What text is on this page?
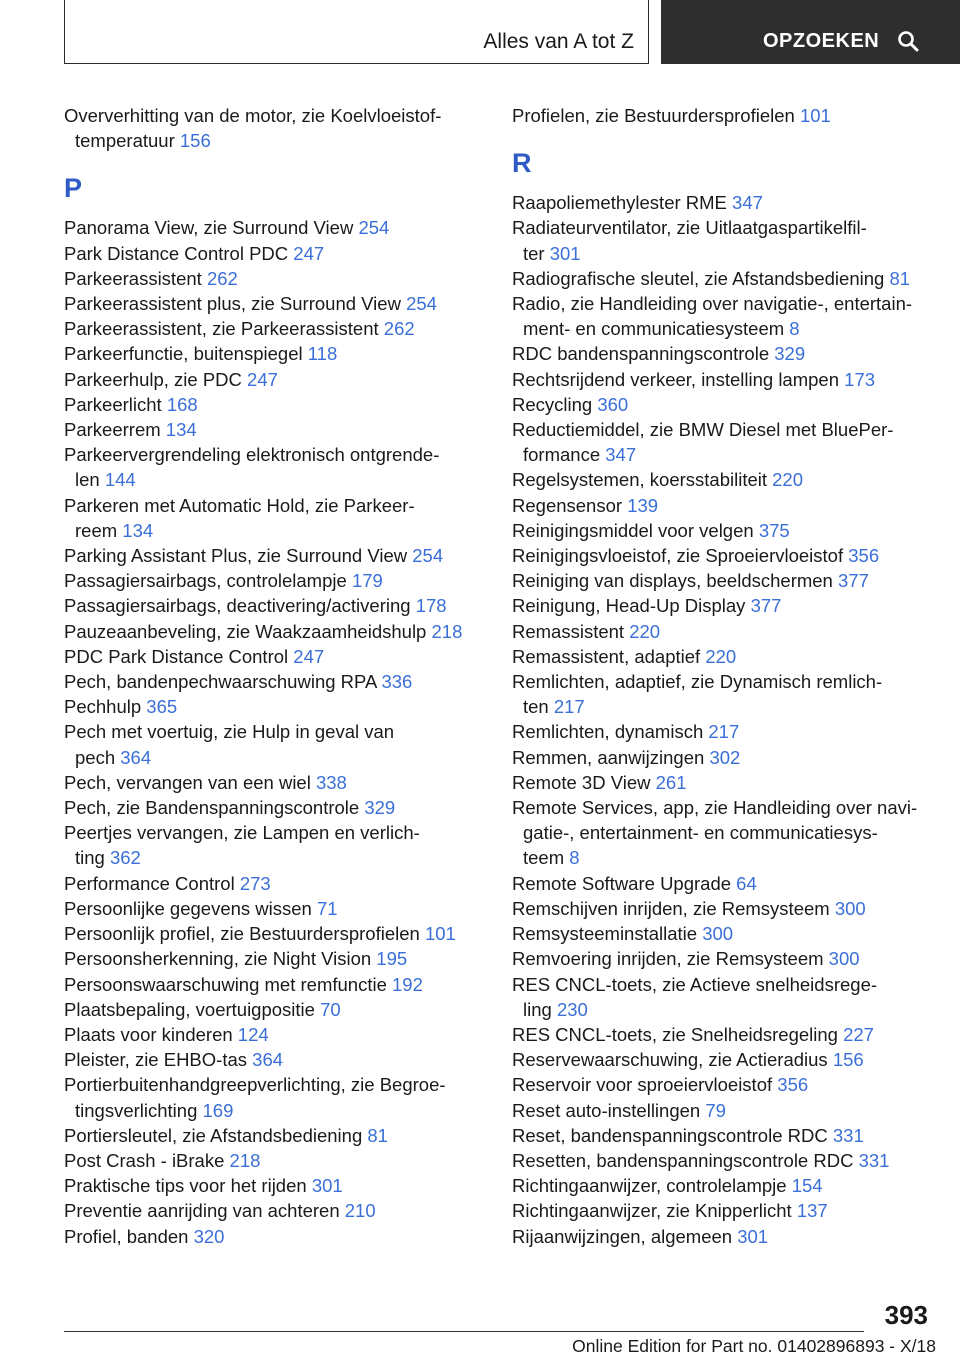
Alles van A tot Z	OPZOEKEN
Oververhitting van de motor, zie Koelvloeistof-
temperatuur 156
P
Panorama View, zie Surround View 254
Park Distance Control PDC 247
Parkeerassistent 262
Parkeerassistent plus, zie Surround View 254
Parkeerassistent, zie Parkeerassistent 262
Parkeerfunctie, buitenspiegel 118
Parkeerhulp, zie PDC 247
Parkeerlicht 168
Parkeerrem 134
Parkeervergrendeling elektronisch ontgrende-
len 144
Parkeren met Automatic Hold, zie Parkeer-
reem 134
Parking Assistant Plus, zie Surround View 254
Passagiersairbags, controlelampje 179
Passagiersairbags, deactivering/activering 178
Pauzeaanbeveling, zie Waakzaamheidshulp 218
PDC Park Distance Control 247
Pech, bandenpechwaarschuwing RPA 336
Pechhulp 365
Pech met voertuig, zie Hulp in geval van
pech 364
Pech, vervangen van een wiel 338
Pech, zie Bandenspanningscontrole 329
Peertjes vervangen, zie Lampen en verlich-
ting 362
Performance Control 273
Persoonlijke gegevens wissen 71
Persoonlijk profiel, zie Bestuurdersprofielen 101
Persoonsherkenning, zie Night Vision 195
Persoonswaarschuwing met remfunctie 192
Plaatsbepaling, voertuigpositie 70
Plaats voor kinderen 124
Pleister, zie EHBO-tas 364
Portierbuitenhandgreepverlichting, zie Begroe-
tingsverlichting 169
Portiersleutel, zie Afstandsbediening 81
Post Crash - iBrake 218
Praktische tips voor het rijden 301
Preventie aanrijding van achteren 210
Profiel, banden 320
Profielen, zie Bestuurdersprofielen 101
R
Raapoliemethylester RME 347
Radiateurventilator, zie Uitlaatgaspartikelfil-
ter 301
Radiografische sleutel, zie Afstandsbediening 81
Radio, zie Handleiding over navigatie-, entertain-
ment- en communicatiesysteem 8
RDC bandenspanningscontrole 329
Rechtsrijdend verkeer, instelling lampen 173
Recycling 360
Reductiemiddel, zie BMW Diesel met BluePer-
formance 347
Regelsystemen, koersstabiliteit 220
Regensensor 139
Reinigingsmiddel voor velgen 375
Reinigingsvloeistof, zie Sproeiervloeistof 356
Reiniging van displays, beeldschermen 377
Reinigung, Head-Up Display 377
Remassistent 220
Remassistent, adaptief 220
Remlichten, adaptief, zie Dynamisch remlich-
ten 217
Remlichten, dynamisch 217
Remmen, aanwijzingen 302
Remote 3D View 261
Remote Services, app, zie Handleiding over navi-
gatie-, entertainment- en communicatiesys-
teem 8
Remote Software Upgrade 64
Remschijven inrijden, zie Remsysteem 300
Remsysteeminstallatie 300
Remvoering inrijden, zie Remsysteem 300
RES CNCL-toets, zie Actieve snelheidsrege-
ling 230
RES CNCL-toets, zie Snelheidsregeling 227
Reservewaarschuwing, zie Actieradius 156
Reservoir voor sproeiervloeistof 356
Reset auto-instellingen 79
Reset, bandenspanningscontrole RDC 331
Resetten, bandenspanningscontrole RDC 331
Richtingaanwijzer, controlelampje 154
Richtingaanwijzer, zie Knipperlicht 137
Rijaanwijzingen, algemeen 301
393
Online Edition for Part no. 01402896893 - X/18
